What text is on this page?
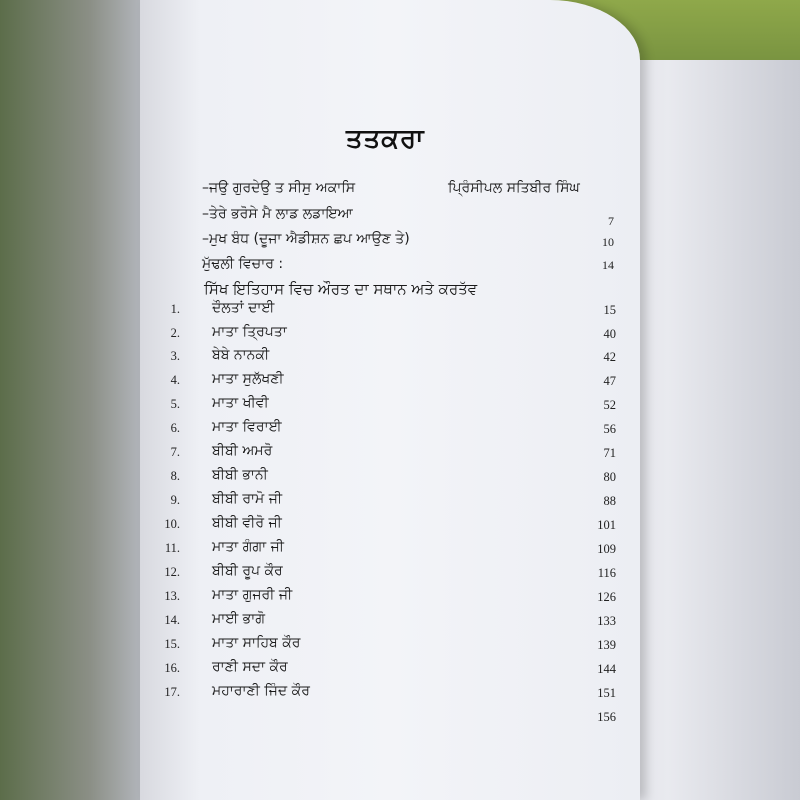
ਤਤਕਰਾ
–ਜਉ ਗੁਰਦੇਉ ਤ ਸੀਸੁ ਅਕਾਸਿ	ਪ੍ਰਿੰਸੀਪਲ ਸਤਿਬੀਰ ਸਿੰਘ
–ਤੇਰੇ ਭਰੋਸੇ ਮੈ ਲਾਡ ਲਡਾਇਆ	7
–ਮੁਖ ਬੰਧ (ਦੂਜਾ ਐਡੀਸ਼ਨ ਛਪ ਆਉਣ ਤੇ)	10
ਮੁੱਢਲੀ ਵਿਚਾਰ :	14
ਸਿੱਖ ਇਤਿਹਾਸ ਵਿਚ ਔਰਤ ਦਾ ਸਥਾਨ ਅਤੇ ਕਰਤੱਵ
1. ਦੌਲਤਾਂ ਦਾਈ	15
2. ਮਾਤਾ ਤ੍ਰਿਪਤਾ	40
3. ਬੇਬੇ ਨਾਨਕੀ	42
4. ਮਾਤਾ ਸੁਲੱਖਣੀ	47
5. ਮਾਤਾ ਖੀਵੀ	52
6. ਮਾਤਾ ਵਿਰਾਈ	56
7. ਬੀਬੀ ਅਮਰੋ	71
8. ਬੀਬੀ ਭਾਨੀ	80
9. ਬੀਬੀ ਰਾਮੋ ਜੀ	88
10. ਬੀਬੀ ਵੀਰੋ ਜੀ	101
11. ਮਾਤਾ ਗੰਗਾ ਜੀ	109
12. ਬੀਬੀ ਰੂਪ ਕੌਰ	116
13. ਮਾਤਾ ਗੁਜਰੀ ਜੀ	126
14. ਮਾਈ ਭਾਗੋ	133
15. ਮਾਤਾ ਸਾਹਿਬ ਕੌਰ	139
16. ਰਾਣੀ ਸਦਾ ਕੌਰ	144
17. ਮਹਾਰਾਣੀ ਜਿੰਦ ਕੌਰ	151
156
